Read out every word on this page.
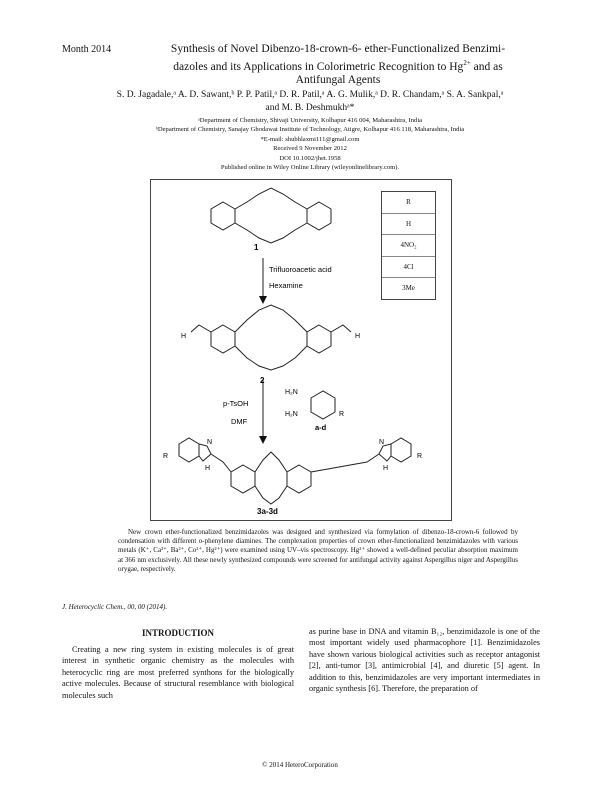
Month 2014	Synthesis of Novel Dibenzo-18-crown-6- ether-Functionalized Benzimi-
dazoles and its Applications in Colorimetric Recognition to $Hg^{2+}$ and as
Antifungal Agents
S. D. Jagadale,ᵃ A. D. Sawant,ᵇ P. P. Patil,ᵃ D. R. Patil,ᵃ A. G. Mulik,ᵃ D. R. Chandam,ᵃ S. A. Sankpal,ᵃ
and M. B. Deshmukhᵃ*
ᵃDepartment of Chemistry, Shivaji University, Kolhapur 416 004, Maharashtra, India
ᵇDepartment of Chemistry, Sanajay Ghodawat Institute of Technology, Atigre, Kolhapur 416 118, Maharashtra, India
*E-mail: shubhlaxmi111@gmail.com
Received 9 November 2012
DOI 10.1002/jhet.1958
Published online in Wiley Online Library (wileyonlinelibrary.com).
1
Trifluoroacetic acid
Hexamine
H	H
2
p-TsOH
DMF
H₂N
H₂N	R
a-d
R	R
N	N
H	H
3a-3d
R
H
4NO₂
4Cl
3Me
New crown ether-functionalized benzimidazoles was designed and synthesized via formylation of dibenzo-18-crown-6 followed by condensation with different o-phenylene diamines. The complexation properties of crown ether-functionalized benzimidazoles with various metals (K⁺, Ca²⁺, Ba²⁺, Co²⁺, Hg²⁺) were examined using UV–vis spectroscopy. Hg²⁺ showed a well-defined peculiar absorption maximum at 366 nm exclusively. All these newly synthesized compounds were screened for antifungal activity against Aspergillus niger and Aspergillus orygae, respectively.
J. Heterocyclic Chem., 00, 00 (2014).
INTRODUCTION
Creating a new ring system in existing molecules is of great interest in synthetic organic chemistry as the molecules with heterocyclic ring are most preferred synthons for the biologically active molecules. Because of structural resemblance with biological molecules such
as purine base in DNA and vitamin B₁₂, benzimidazole is one of the most important widely used pharmacophore [1]. Benzimidazoles have shown various biological activities such as receptor antagonist [2], anti-tumor [3], antimicrobial [4], and diuretic [5] agent. In addition to this, benzimidazoles are very important intermediates in organic synthesis [6]. Therefore, the preparation of
© 2014 HeteroCorporation
